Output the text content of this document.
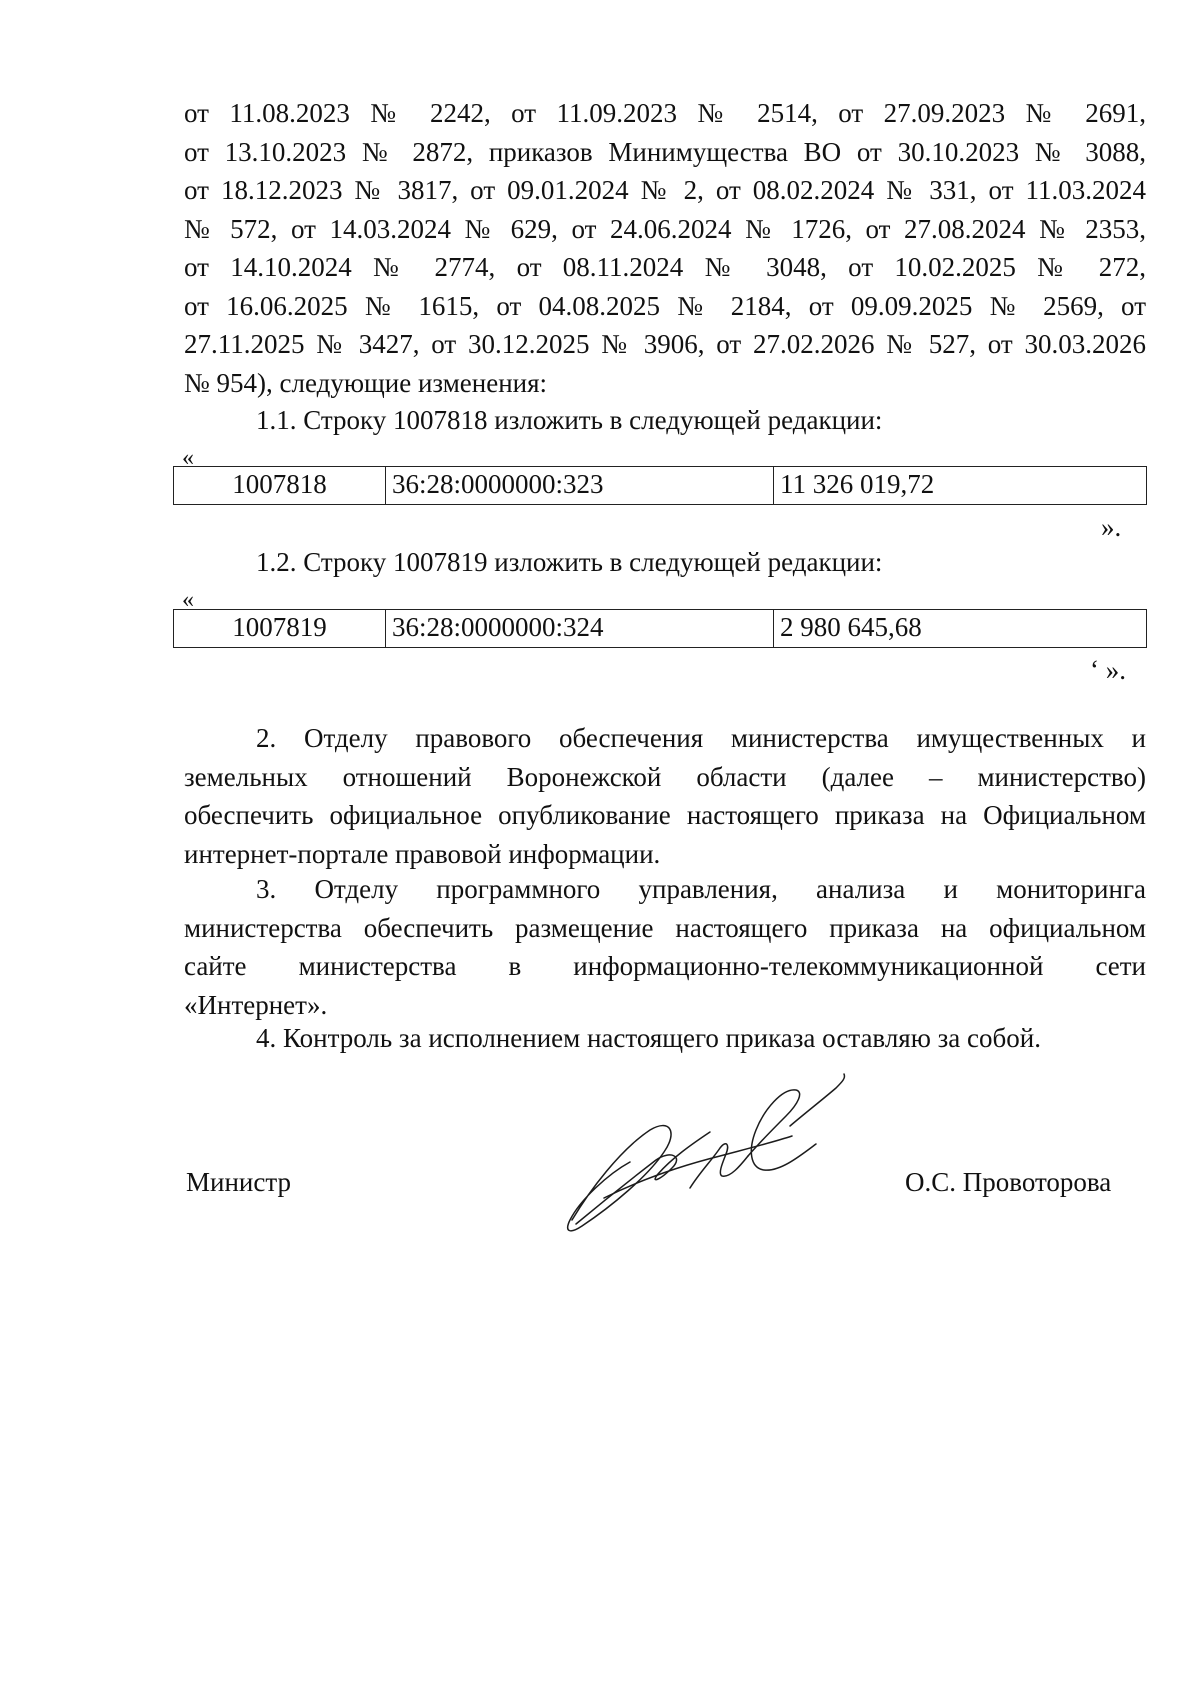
от 11.08.2023 № 2242, от 11.09.2023 № 2514, от 27.09.2023 № 2691,
от 13.10.2023 № 2872, приказов Минимущества ВО от 30.10.2023 № 3088,
от 18.12.2023 № 3817, от 09.01.2024 № 2, от 08.02.2024 № 331, от 11.03.2024
№ 572, от 14.03.2024 № 629, от 24.06.2024 № 1726, от 27.08.2024 № 2353,
от 14.10.2024 № 2774, от 08.11.2024 № 3048, от 10.02.2025 № 272,
от 16.06.2025 № 1615, от 04.08.2025 № 2184, от 09.09.2025 № 2569, от
27.11.2025 № 3427, от 30.12.2025 № 3906, от 27.02.2026 № 527, от 30.03.2026
№ 954), следующие изменения:
1.1. Строку 1007818 изложить в следующей редакции:
«
1007818	36:28:0000000:323	11 326 019,72
».
1.2. Строку 1007819 изложить в следующей редакции:
«
1007819	36:28:0000000:324	2 980 645,68
‘ ».
2. Отделу правового обеспечения министерства имущественных и
земельных отношений Воронежской области (далее – министерство)
обеспечить официальное опубликование настоящего приказа на Официальном
интернет-портале правовой информации.
3. Отделу программного управления, анализа и мониторинга
министерства обеспечить размещение настоящего приказа на официальном
сайте министерства в информационно-телекоммуникационной сети
«Интернет».
4. Контроль за исполнением настоящего приказа оставляю за собой.
Министр	О.С. Провоторова
